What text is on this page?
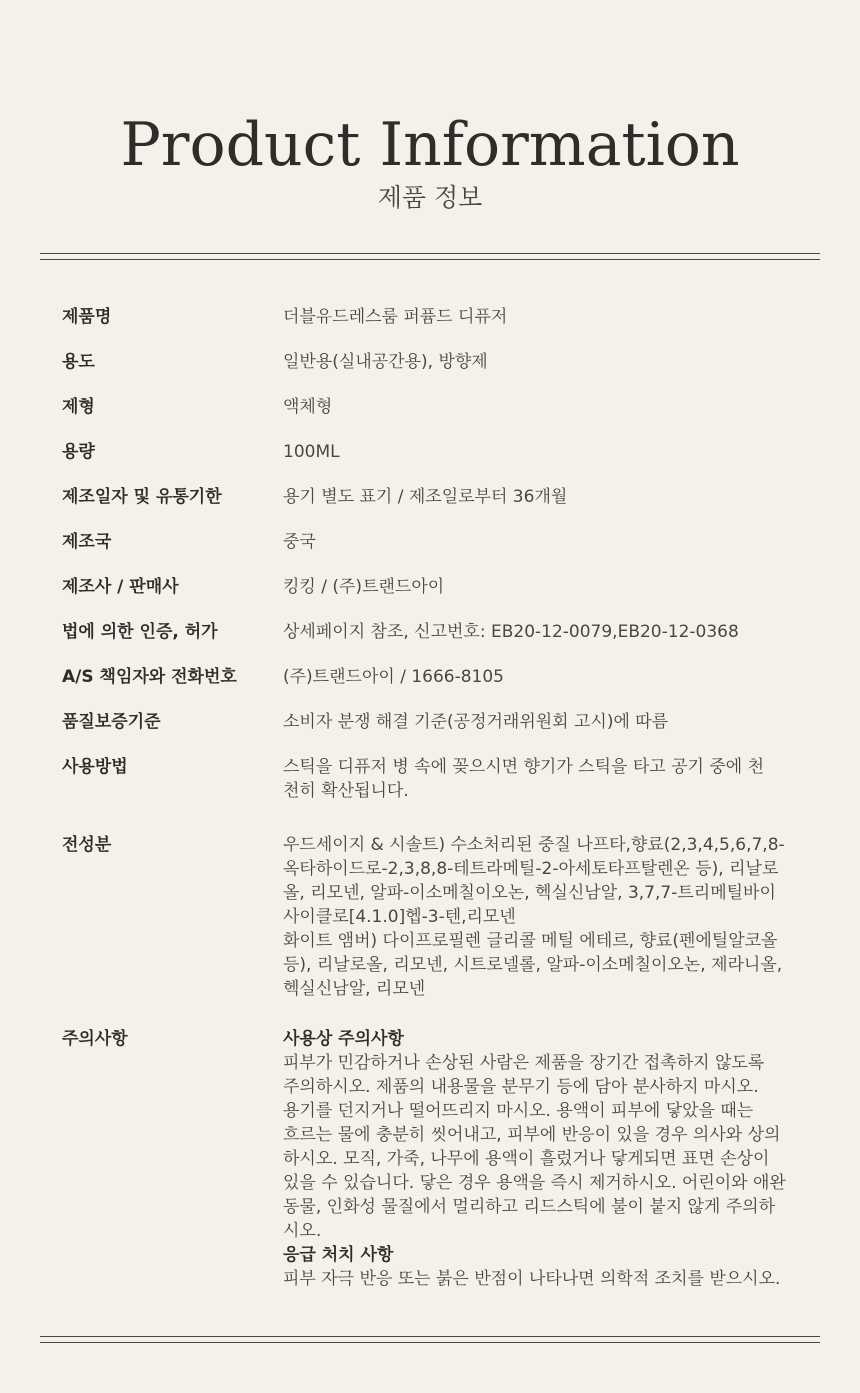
Product Information
제품 정보
제품명	더블유드레스룸 퍼퓸드 디퓨저
용도	일반용(실내공간용), 방향제
제형	액체형
용량	100ML
제조일자 및 유통기한	용기 별도 표기 / 제조일로부터 36개월
제조국	중국
제조사 / 판매사	킹킹 / (주)트랜드아이
법에 의한 인증, 허가	상세페이지 참조, 신고번호: EB20-12-0079,EB20-12-0368
A/S 책임자와 전화번호	(주)트랜드아이 / 1666-8105
품질보증기준	소비자 분쟁 해결 기준(공정거래위원회 고시)에 따름
사용방법	스틱을 디퓨저 병 속에 꽂으시면 향기가 스틱을 타고 공기 중에 천천히 확산됩니다.
전성분	우드세이지 & 시솔트) 수소처리된 중질 나프타,향료(2,3,4,5,6,7,8-

옥타하이드로-2,3,8,8-테트라메틸-2-아세토타프탈렌온 등), 리날로

올, 리모넨, 알파-이소메칠이오논, 헥실신남알, 3,7,7-트리메틸바이

사이클로[4.1.0]헵-3-텐,리모넨

화이트 앰버) 다이프로필렌 글리콜 메틸 에테르, 향료(펜에틸알코올

등), 리날로올, 리모넨, 시트로넬롤, 알파-이소메칠이오논, 제라니올,

헥실신남알, 리모넨

주의사항	사용상 주의사항

피부가 민감하거나 손상된 사람은 제품을 장기간 접촉하지 않도록

주의하시오. 제품의 내용물을 분무기 등에 담아 분사하지 마시오.

용기를 던지거나 떨어뜨리지 마시오. 용액이 피부에 닿았을 때는

흐르는 물에 충분히 씻어내고, 피부에 반응이 있을 경우 의사와 상의

하시오. 모직, 가죽, 나무에 용액이 흘렀거나 닿게되면 표면 손상이

있을 수 있습니다. 닿은 경우 용액을 즉시 제거하시오. 어린이와 애완

동물, 인화성 물질에서 멀리하고 리드스틱에 불이 붙지 않게 주의하

시오.

응급 처치 사항

피부 자극 반응 또는 붉은 반점이 나타나면 의학적 조치를 받으시오.
